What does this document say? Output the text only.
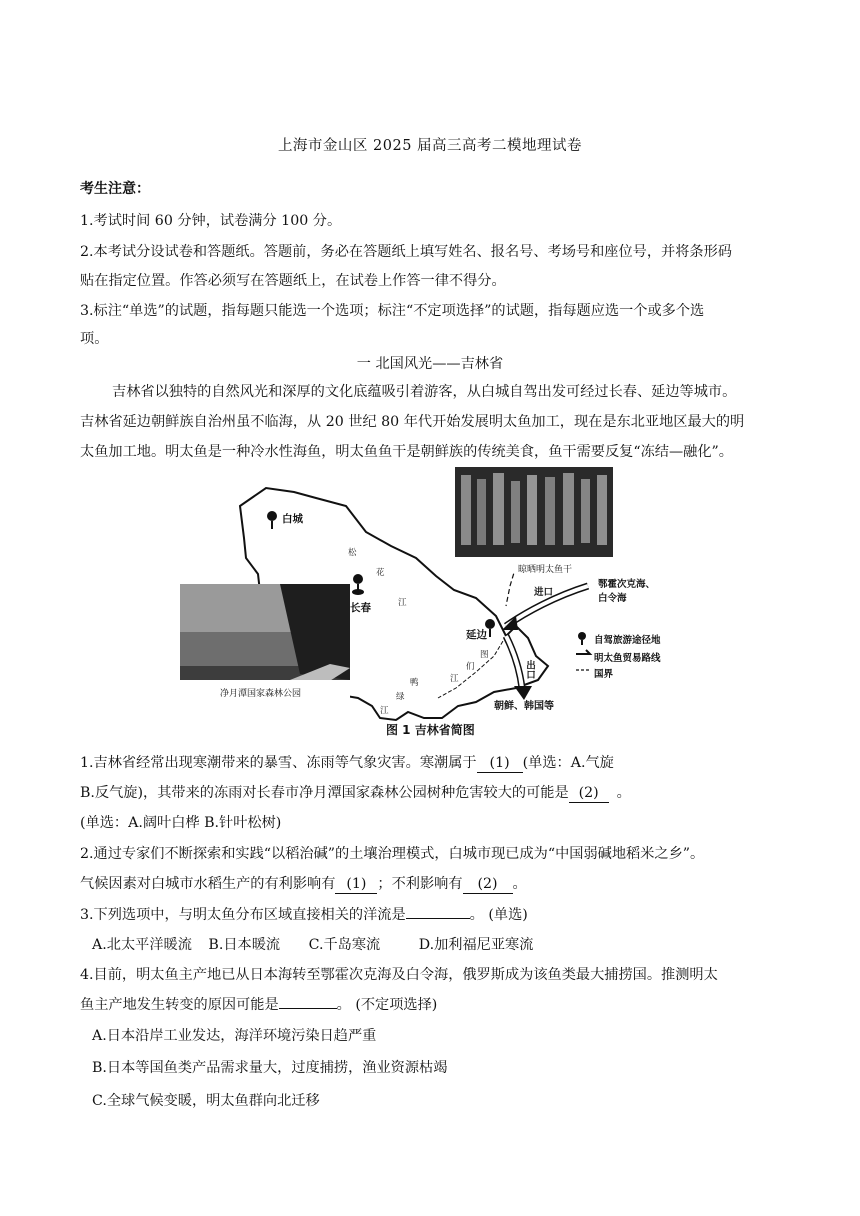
上海市金山区 2025 届高三高考二模地理试卷
考生注意：
1.考试时间 60 分钟，试卷满分 100 分。
2.本考试分设试卷和答题纸。答题前，务必在答题纸上填写姓名、报名号、考场号和座位号，并将条形码
贴在指定位置。作答必须写在答题纸上，在试卷上作答一律不得分。
3.标注“单选”的试题，指每题只能选一个选项；标注“不定项选择”的试题，指每题应选一个或多个选
项。
一 北国风光——吉林省
吉林省以独特的自然风光和深厚的文化底蕴吸引着游客，从白城自驾出发可经过长春、延边等城市。
吉林省延边朝鲜族自治州虽不临海，从 20 世纪 80 年代开始发展明太鱼加工，现在是东北亚地区最大的明
太鱼加工地。明太鱼是一种冷水性海鱼，明太鱼鱼干是朝鲜族的传统美食，鱼干需要反复“冻结—融化”。
净月潭国家森林公园
晾晒明太鱼干
白城
长春
延边
松
花
江
图
们
江
鸭
绿
江
进口
出口
鄂霍次克海、
白令海
朝鲜、韩国等
自驾旅游途径地
明太鱼贸易路线
国界
图 1 吉林省简图
1.吉林省经常出现寒潮带来的暴雪、冻雨等气象灾害。寒潮属于 (1) (单选：A.气旋
B.反气旋)，其带来的冻雨对长春市净月潭国家森林公园树种危害较大的可能是 (2) 。
(单选：A.阔叶白桦 B.针叶松树)
2.通过专家们不断探索和实践“以稻治碱”的土壤治理模式，白城市现已成为“中国弱碱地稻米之乡”。
气候因素对白城市水稻生产的有利影响有 (1) ；不利影响有 (2) 。
3.下列选项中，与明太鱼分布区域直接相关的洋流是	。 (单选)
A.北太平洋暖流 B.日本暖流 C.千岛寒流	D.加利福尼亚寒流
4.目前，明太鱼主产地已从日本海转至鄂霍次克海及白令海，俄罗斯成为该鱼类最大捕捞国。推测明太
鱼主产地发生转变的原因可能是	。 (不定项选择)
A.日本沿岸工业发达，海洋环境污染日趋严重
B.日本等国鱼类产品需求量大，过度捕捞，渔业资源枯竭
C.全球气候变暖，明太鱼群向北迁移
